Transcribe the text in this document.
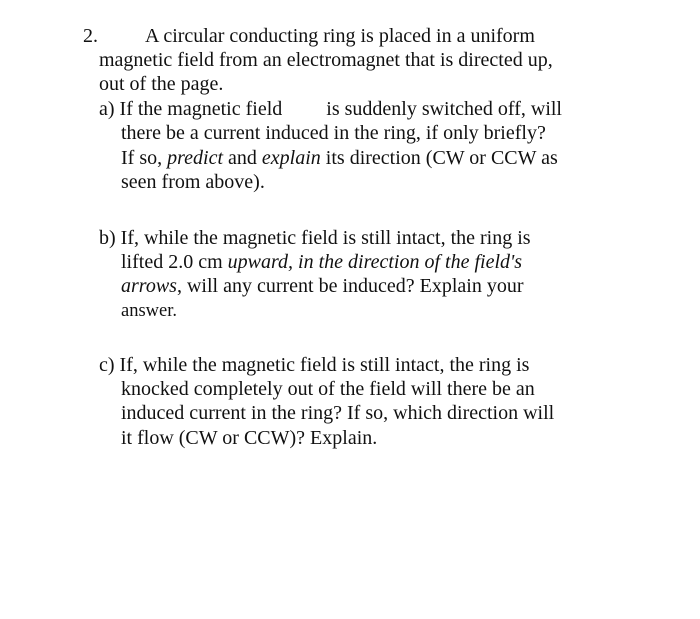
2. A circular conducting ring is placed in a uniform
magnetic field from an electromagnet that is directed up,
out of the page.
a) If the magnetic field is suddenly switched off, will
there be a current induced in the ring, if only briefly?
If so, predict and explain its direction (CW or CCW as
seen from above).
b) If, while the magnetic field is still intact, the ring is
lifted 2.0 cm upward, in the direction of the field's
arrows, will any current be induced? Explain your
answer.
c) If, while the magnetic field is still intact, the ring is
knocked completely out of the field will there be an
induced current in the ring? If so, which direction will
it flow (CW or CCW)? Explain.
